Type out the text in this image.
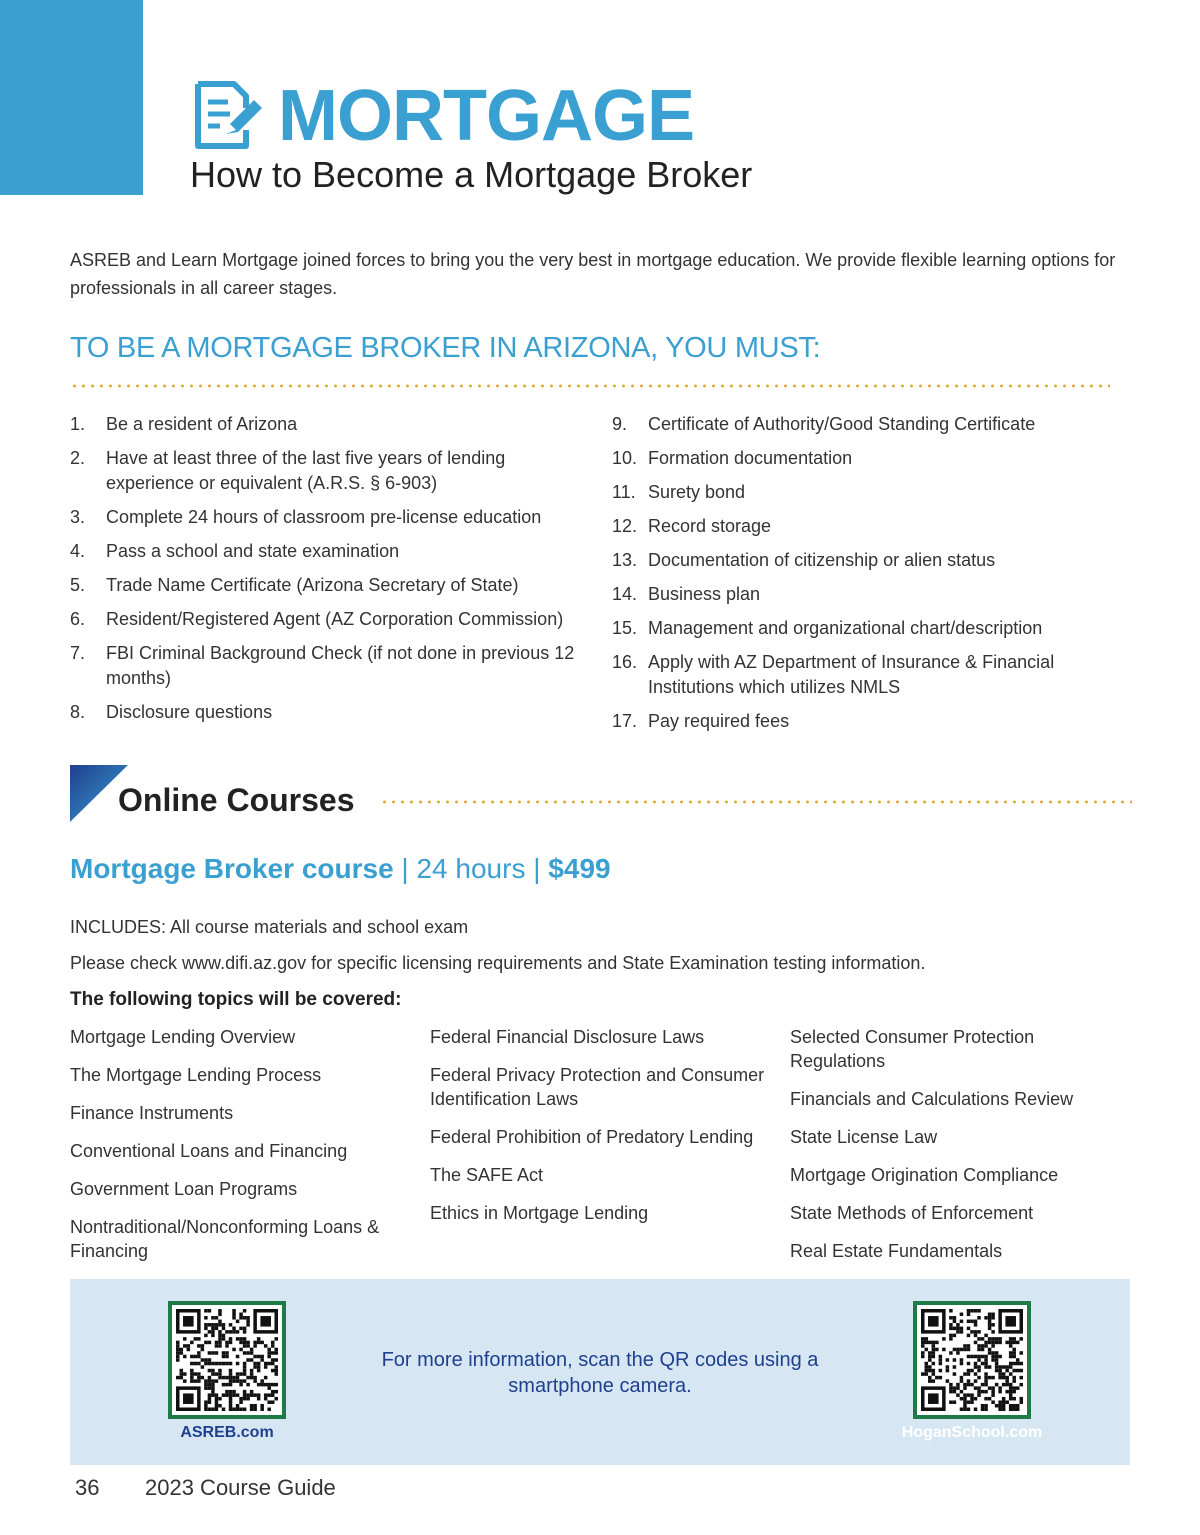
MORTGAGE
How to Become a Mortgage Broker

ASREB and Learn Mortgage joined forces to bring you the very best in mortgage education. We provide flexible learning options for professionals in all career stages.

TO BE A MORTGAGE BROKER IN ARIZONA, YOU MUST:
1.	Be a resident of Arizona
2.	Have at least three of the last five years of lending experience or equivalent (A.R.S. § 6-903)
3.	Complete 24 hours of classroom pre-license education
4.	Pass a school and state examination
5.	Trade Name Certificate (Arizona Secretary of State)
6.	Resident/Registered Agent (AZ Corporation Commission)
7.	FBI Criminal Background Check (if not done in previous 12 months)
8.	Disclosure questions
9.	Certificate of Authority/Good Standing Certificate
10. Formation documentation
11. Surety bond
12. Record storage
13. Documentation of citizenship or alien status
14. Business plan
15. Management and organizational chart/description
16. Apply with AZ Department of Insurance & Financial Institutions which utilizes NMLS
17. Pay required fees
Online Courses
Mortgage Broker course | 24 hours | $499
INCLUDES: All course materials and school exam
Please check www.difi.az.gov for specific licensing requirements and State Examination testing information.
The following topics will be covered:
Mortgage Lending Overview
The Mortgage Lending Process
Finance Instruments
Conventional Loans and Financing
Government Loan Programs
Nontraditional/Nonconforming Loans & Financing
Federal Financial Disclosure Laws
Federal Privacy Protection and Consumer Identification Laws
Federal Prohibition of Predatory Lending
The SAFE Act
Ethics in Mortgage Lending
Selected Consumer Protection Regulations
Financials and Calculations Review
State License Law
Mortgage Origination Compliance
State Methods of Enforcement
Real Estate Fundamentals
ASREB.com
For more information, scan the QR codes using a smartphone camera.
HoganSchool.com
36 2023 Course Guide
